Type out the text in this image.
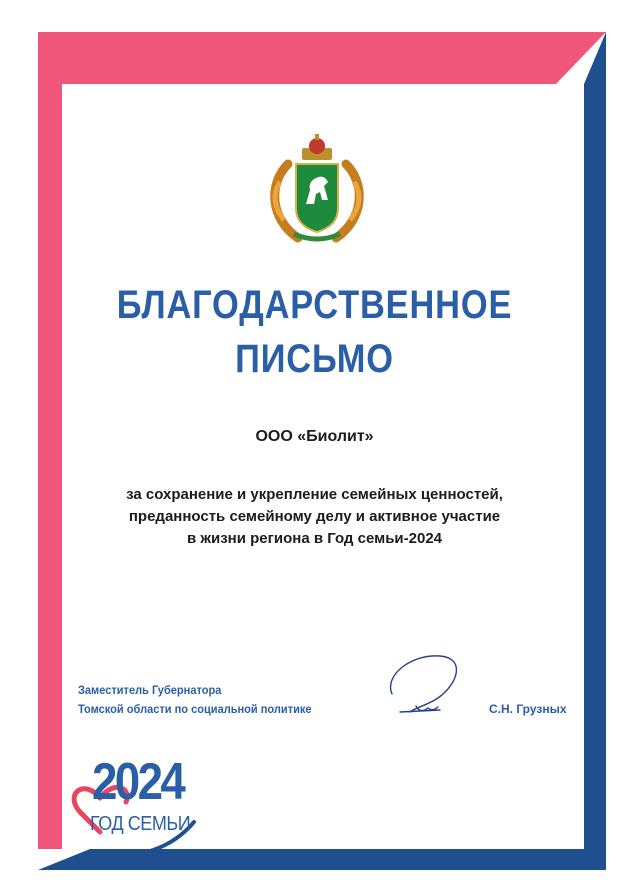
БЛАГОДАРСТВЕННОЕ
ПИСЬМО
ООО «Биолит»
за сохранение и укрепление семейных ценностей,
преданность семейному делу и активное участие
в жизни региона в Год семьи-2024
Заместитель Губернатора
Томской области по социальной политике	С.Н. Грузных
2024
ГОД СЕМЬИ
